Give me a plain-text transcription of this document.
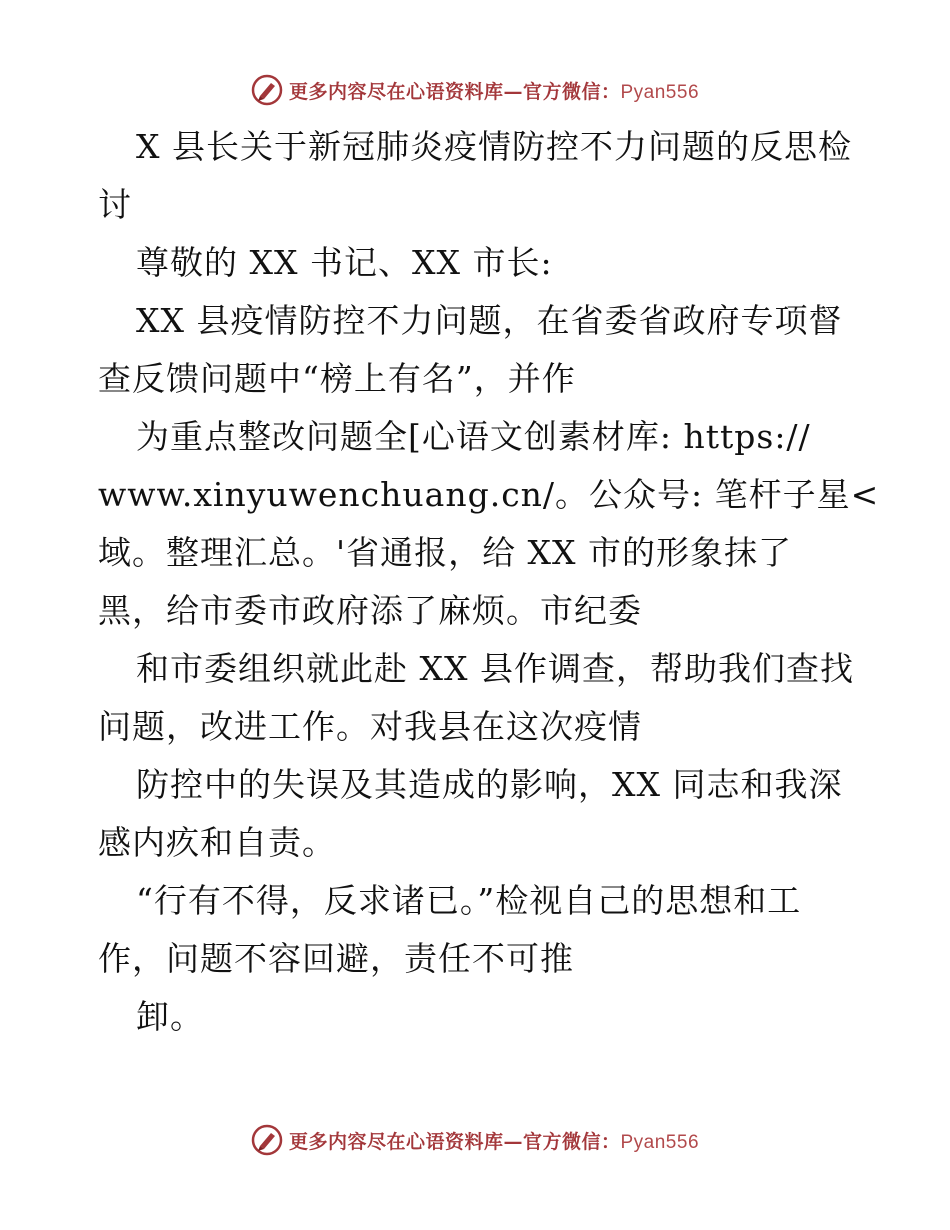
更多内容尽在心语资料库—官方微信：Pyan556
X 县长关于新冠肺炎疫情防控不力问题的反思检
讨
尊敬的 XX 书记、XX 市长:
XX 县疫情防控不力问题，在省委省政府专项督
查反馈问题中“榜上有名”，并作
为重点整改问题全[心语文创素材库: https://
www.xinyuwenchuang.cn/。公众号: 笔杆子星<
域。整理汇总。'省通报，给 XX 市的形象抹了
黑，给市委市政府添了麻烦。市纪委
和市委组织就此赴 XX 县作调查，帮助我们查找
问题，改进工作。对我县在这次疫情
防控中的失误及其造成的影响，XX 同志和我深
感内疚和自责。
“行有不得，反求诸已。”检视自己的思想和工
作，问题不容回避，责任不可推
卸。
更多内容尽在心语资料库—官方微信：Pyan556
